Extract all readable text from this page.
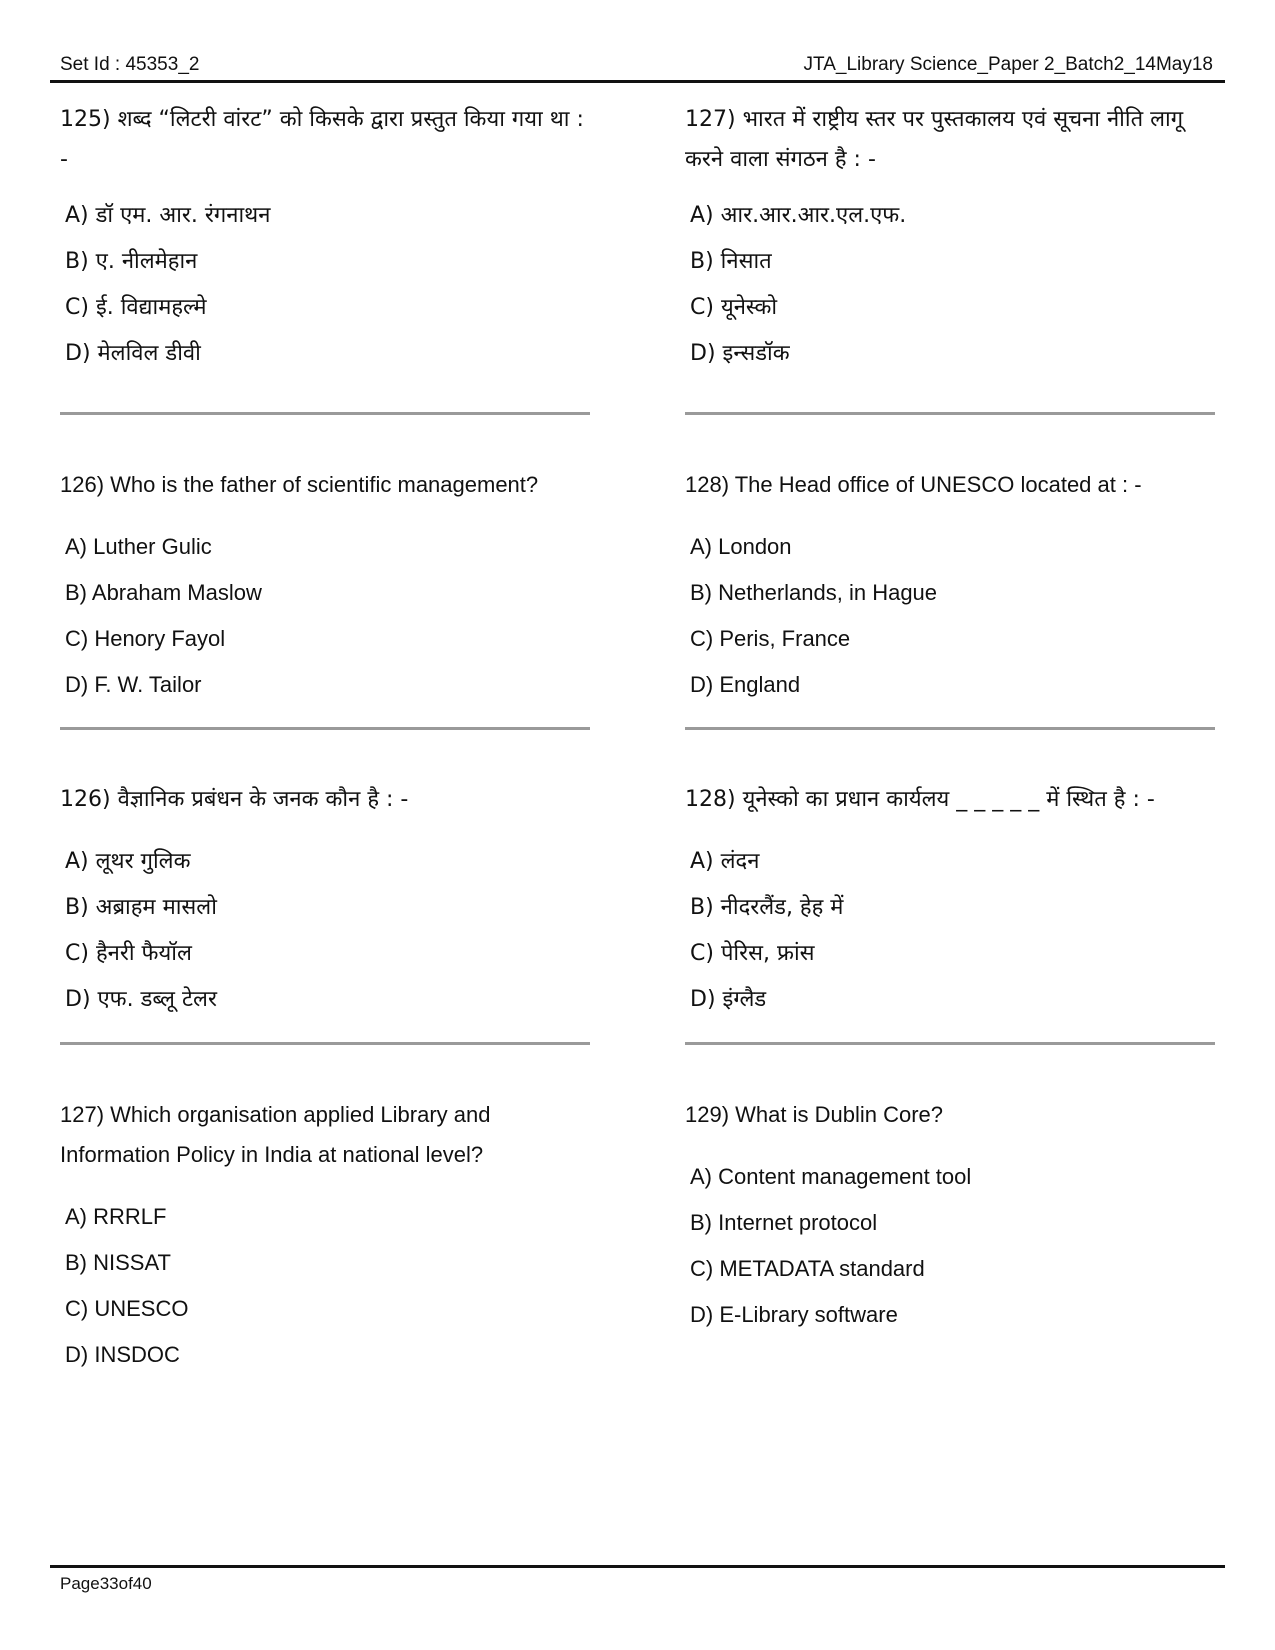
Set Id : 45353_2	JTA_Library Science_Paper 2_Batch2_14May18

125) शब्द “लिटरी वांरट” को किसके द्वारा प्रस्तुत किया गया था : -

A) डॉ एम. आर. रंगनाथन
B) ए. नीलमेहान
C) ई. विद्यामहल्मे
D) मेलविल डीवी

126) Who is the father of scientific management?

A) Luther Gulic
B) Abraham Maslow
C) Henory Fayol
D) F. W. Tailor

126) वैज्ञानिक प्रबंधन के जनक कौन है : -

A) लूथर गुलिक
B) अब्राहम मासलो
C) हैनरी फैयॉल
D) एफ. डब्लू टेलर

127) Which organisation applied Library and Information Policy in India at national level?

A) RRRLF
B) NISSAT
C) UNESCO
D) INSDOC

127) भारत में राष्ट्रीय स्तर पर पुस्तकालय एवं सूचना नीति लागू करने वाला संगठन है : -

A) आर.आर.आर.एल.एफ.
B) निसात
C) यूनेस्को
D) इन्सडॉक

128) The Head office of UNESCO located at : -

A) London
B) Netherlands, in Hague
C) Peris, France
D) England

128) यूनेस्को का प्रधान कार्यलय _ _ _ _ _ में स्थित है : -

A) लंदन
B) नीदरलैंड, हेह में
C) पेरिस, फ्रांस
D) इंग्लैड

129) What is Dublin Core?

A) Content management tool
B) Internet protocol
C) METADATA standard
D) E-Library software
Page33of40
